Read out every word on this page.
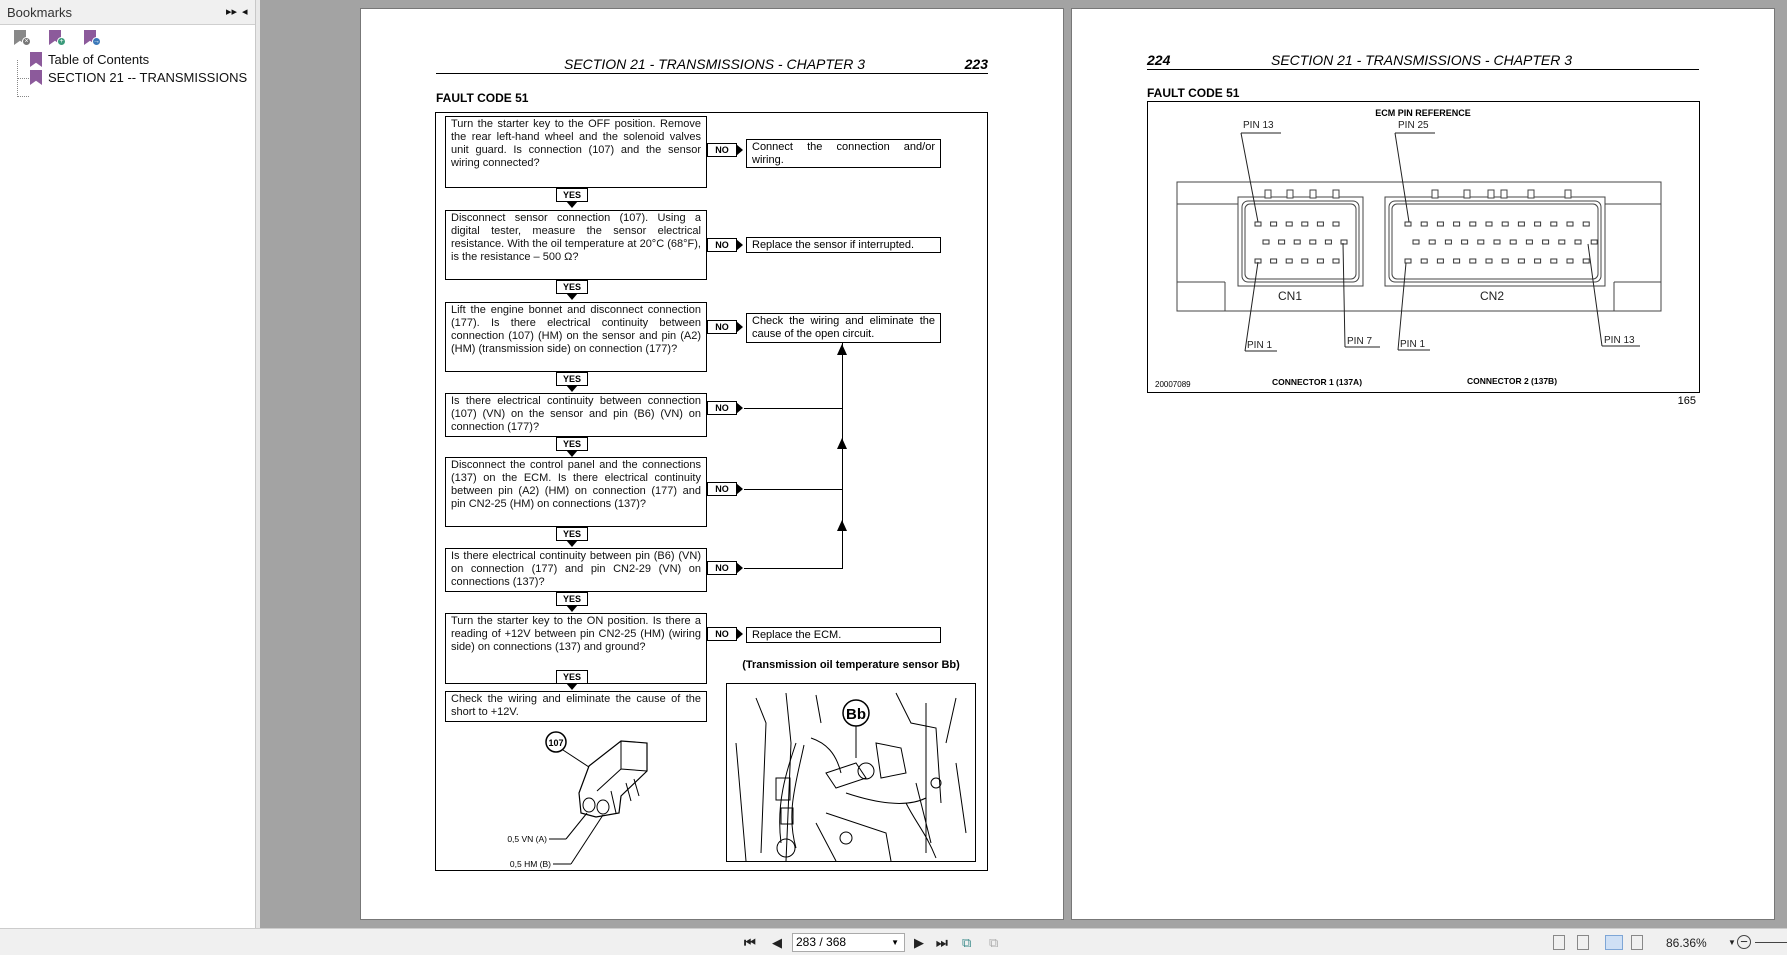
Bookmarks	▸▸ ◂
×	+	→
Table of Contents
SECTION 21 -- TRANSMISSIONS
SECTION 21 - TRANSMISSIONS - CHAPTER 3	223
FAULT CODE 51
Turn the starter key to the OFF position. Remove the rear left-hand wheel and the solenoid valves unit guard. Is connection (107) and the sensor wiring connected?
Disconnect sensor connection (107). Using a digital tester, measure the sensor electrical resistance. With the oil temperature at 20°C (68°F), is the resistance – 500 Ω?
Lift the engine bonnet and disconnect connection (177). Is there electrical continuity between connection (107) (HM) on the sensor and pin (A2) (HM) (transmission side) on connection (177)?
Is there electrical continuity between connection (107) (VN) on the sensor and pin (B6) (VN) on connection (177)?
Disconnect the control panel and the connections (137) on the ECM. Is there electrical continuity between pin (A2) (HM) on connection (177) and pin CN2-25 (HM) on connections (137)?
Is there electrical continuity between pin (B6) (VN) on connection (177) and pin CN2-29 (VN) on connections (137)?
Turn the starter key to the ON position. Is there a reading of +12V between pin CN2-25 (HM) (wiring side) on connections (137) and ground?
Check the wiring and eliminate the cause of the short to +12V.
YES
YES
YES
YES
YES
YES
YES
NO
NO
NO
NO
NO
NO
NO
Connect the connection and/or wiring.
Replace the sensor if interrupted.
Check the wiring and eliminate the cause of the open circuit.
Replace the ECM.
107
0,5 VN (A)
0,5 HM (B)
(Transmission oil temperature sensor Bb)
Bb
224	SECTION 21 - TRANSMISSIONS - CHAPTER 3
FAULT CODE 51
ECM PIN REFERENCE
PIN 13	PIN 25
PIN 1	PIN 7	PIN 1	PIN 13
CN1	CN2
20007089	CONNECTOR 1 (137A)	CONNECTOR 2 (137B)
165
⏮ ◀	283 / 368	▼ ▶ ⏭ ⧉ ⧉	86.36%	▼ −
